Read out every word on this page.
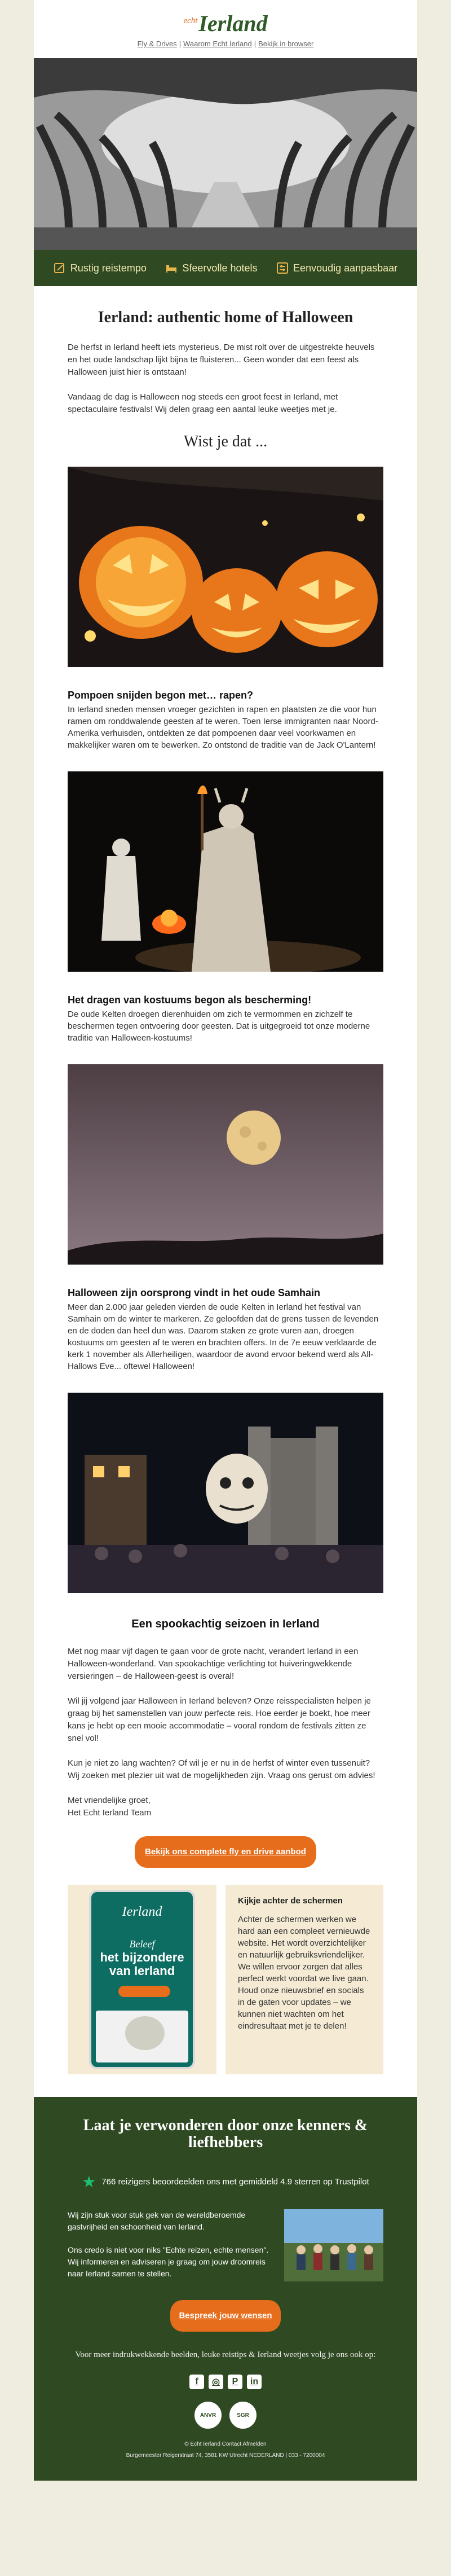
$^{echt}$Ierland
Fly & Drives | Waarom Echt Ierland | Bekijk in browser
Rustig reistempo	Sfeervolle hotels	Eenvoudig aanpasbaar
Ierland: authentic home of Halloween

De herfst in Ierland heeft iets mysterieus. De mist rolt over de uitgestrekte heuvels en het oude landschap lijkt bijna te fluisteren... Geen wonder dat een feest als Halloween juist hier is ontstaan!

Vandaag de dag is Halloween nog steeds een groot feest in Ierland, met spectaculaire festivals! Wij delen graag een aantal leuke weetjes met je.

Wist je dat ...
Pompoen snijden begon met… rapen?

In Ierland sneden mensen vroeger gezichten in rapen en plaatsten ze die voor hun ramen om ronddwalende geesten af te weren. Toen Ierse immigranten naar Noord-Amerika verhuisden, ontdekten ze dat pompoenen daar veel voorkwamen en makkelijker waren om te bewerken. Zo ontstond de traditie van de Jack O'Lantern!

Het dragen van kostuums begon als bescherming!

De oude Kelten droegen dierenhuiden om zich te vermommen en zichzelf te beschermen tegen ontvoering door geesten. Dat is uitgegroeid tot onze moderne traditie van Halloween-kostuums!

Halloween zijn oorsprong vindt in het oude Samhain

Meer dan 2.000 jaar geleden vierden de oude Kelten in Ierland het festival van Samhain om de winter te markeren. Ze geloofden dat de grens tussen de levenden en de doden dan heel dun was. Daarom staken ze grote vuren aan, droegen kostuums om geesten af te weren en brachten offers. In de 7e eeuw verklaarde de kerk 1 november als Allerheiligen, waardoor de avond ervoor bekend werd als All-Hallows Eve... oftewel Halloween!

Een spookachtig seizoen in Ierland

Met nog maar vijf dagen te gaan voor de grote nacht, verandert Ierland in een Halloween-wonderland. Van spookachtige verlichting tot huiveringwekkende versieringen – de Halloween-geest is overal!

Wil jij volgend jaar Halloween in Ierland beleven? Onze reisspecialisten helpen je graag bij het samenstellen van jouw perfecte reis. Hoe eerder je boekt, hoe meer kans je hebt op een mooie accommodatie – vooral rondom de festivals zitten ze snel vol!

Kun je niet zo lang wachten? Of wil je er nu in de herfst of winter even tussenuit? Wij zoeken met plezier uit wat de mogelijkheden zijn. Vraag ons gerust om advies!

Met vriendelijke groet,

Het Echt Ierland Team

Bekijk ons complete fly en drive aanbod
Ierland
Beleef
het bijzondere van Ierland
Kijkje achter de schermen

Achter de schermen werken we hard aan een compleet vernieuwde website. Het wordt overzichtelijker en natuurlijk gebruiksvriendelijker. We willen ervoor zorgen dat alles perfect werkt voordat we live gaan. Houd onze nieuwsbrief en socials in de gaten voor updates – we kunnen niet wachten om het eindresultaat met je te delen!

Laat je verwonderen door onze kenners & liefhebbers
★ 766 reizigers beoordeelden ons met gemiddeld 4.9 sterren op Trustpilot

Wij zijn stuk voor stuk gek van de wereldberoemde gastvrijheid en schoonheid van Ierland.

Ons credo is niet voor niks "Echte reizen, echte mensen". Wij informeren en adviseren je graag om jouw droomreis naar Ierland samen te stellen.

Bespreek jouw wensen

Voor meer indrukwekkende beelden, leuke reistips & Ierland weetjes volg je ons ook op:

f	◎	P	in
ANVR	SGR

© Echt Ierland Contact Afmelden

Burgemeester Reigerstraat 74, 3581 KW Utrecht NEDERLAND | 033 - 7200004
